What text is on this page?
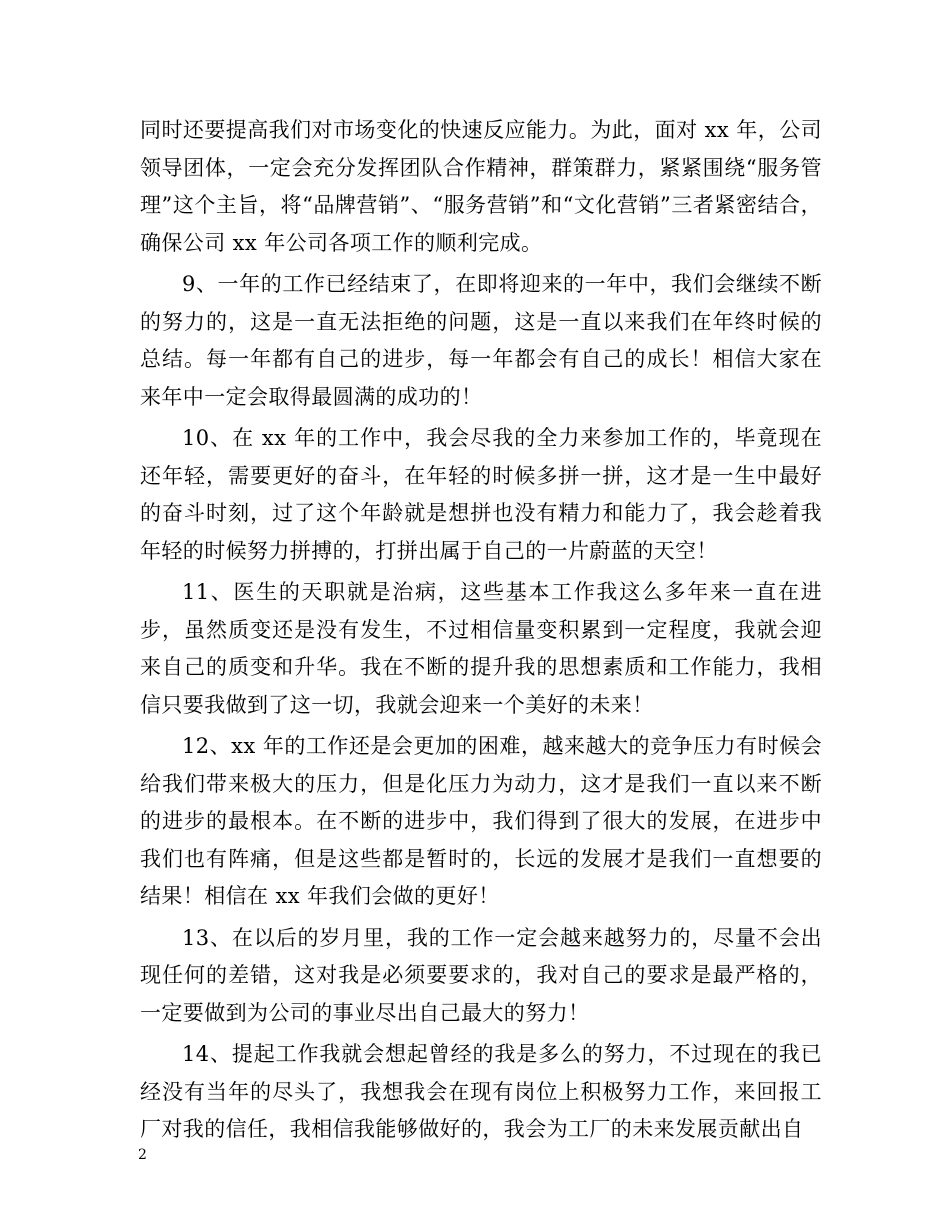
同时还要提高我们对市场变化的快速反应能力。为此，面对 xx 年，公司领导团体，一定会充分发挥团队合作精神，群策群力，紧紧围绕“服务管理”这个主旨，将“品牌营销”、“服务营销”和“文化营销”三者紧密结合，确保公司 xx 年公司各项工作的顺利完成。

9、一年的工作已经结束了，在即将迎来的一年中，我们会继续不断的努力的，这是一直无法拒绝的问题，这是一直以来我们在年终时候的总结。每一年都有自己的进步，每一年都会有自己的成长！相信大家在来年中一定会取得最圆满的成功的！

10、在 xx 年的工作中，我会尽我的全力来参加工作的，毕竟现在还年轻，需要更好的奋斗，在年轻的时候多拼一拼，这才是一生中最好的奋斗时刻，过了这个年龄就是想拼也没有精力和能力了，我会趁着我年轻的时候努力拼搏的，打拼出属于自己的一片蔚蓝的天空！

11、医生的天职就是治病，这些基本工作我这么多年来一直在进步，虽然质变还是没有发生，不过相信量变积累到一定程度，我就会迎来自己的质变和升华。我在不断的提升我的思想素质和工作能力，我相信只要我做到了这一切，我就会迎来一个美好的未来！

12、xx 年的工作还是会更加的困难，越来越大的竞争压力有时候会给我们带来极大的压力，但是化压力为动力，这才是我们一直以来不断的进步的最根本。在不断的进步中，我们得到了很大的发展，在进步中我们也有阵痛，但是这些都是暂时的，长远的发展才是我们一直想要的结果！相信在 xx 年我们会做的更好！

13、在以后的岁月里，我的工作一定会越来越努力的，尽量不会出现任何的差错，这对我是必须要要求的，我对自己的要求是最严格的，一定要做到为公司的事业尽出自己最大的努力！

14、提起工作我就会想起曾经的我是多么的努力，不过现在的我已经没有当年的尽头了，我想我会在现有岗位上积极努力工作，来回报工厂对我的信任，我相信我能够做好的，我会为工厂的未来发展贡献出自

2
